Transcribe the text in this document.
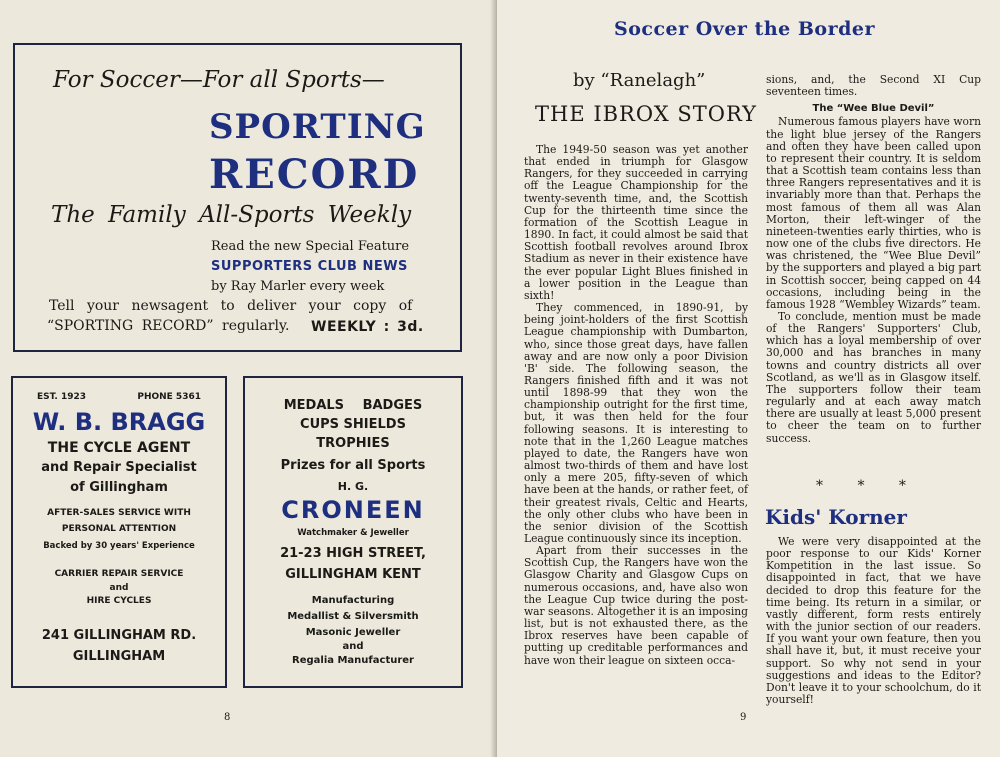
For Soccer—For all Sports—
SPORTING
RECORD
The Family All-Sports Weekly
Read the new Special Feature
SUPPORTERS CLUB NEWS
by Ray Marler every week
Tell your newsagent to deliver your copy of
“SPORTING RECORD” regularly. WEEKLY : 3d.
EST. 1923	PHONE 5361
W. B. BRAGG
THE CYCLE AGENT
and Repair Specialist
of Gillingham
AFTER-SALES SERVICE WITH
PERSONAL ATTENTION
Backed by 30 years' Experience
CARRIER REPAIR SERVICE
and
HIRE CYCLES
241 GILLINGHAM RD.
GILLINGHAM
MEDALS BADGES
CUPS SHIELDS
TROPHIES
Prizes for all Sports
H. G.
CRONEEN
Watchmaker & Jeweller
21-23 HIGH STREET,
GILLINGHAM KENT
Manufacturing
Medallist & Silversmith
Masonic Jeweller
and
Regalia Manufacturer
8
Soccer Over the Border
by “Ranelagh”
THE IBROX STORY

The 1949-50 season was yet another that ended in triumph for Glasgow Rangers, for they succeeded in carrying off the League Championship for the twenty-seventh time, and, the Scottish Cup for the thirteenth time since the formation of the Scottish League in 1890. In fact, it could almost be said that Scottish football revolves around Ibrox Stadium as never in their existence have the ever popular Light Blues finished in a lower position in the League than sixth!

They commenced, in 1890-91, by being joint-holders of the first Scottish League championship with Dumbarton, who, since those great days, have fallen away and are now only a poor Division 'B' side. The following season, the Rangers finished fifth and it was not until 1898-99 that they won the championship outright for the first time, but, it was then held for the four following seasons. It is interesting to note that in the 1,260 League matches played to date, the Rangers have won almost two-thirds of them and have lost only a mere 205, fifty-seven of which have been at the hands, or rather feet, of their greatest rivals, Celtic and Hearts, the only other clubs who have been in the senior division of the Scottish League continuously since its inception.

Apart from their successes in the Scottish Cup, the Rangers have won the Glasgow Charity and Glasgow Cups on numerous occasions, and, have also won the League Cup twice during the post-war seasons. Altogether it is an imposing list, but is not exhausted there, as the Ibrox reserves have been capable of putting up creditable performances and have won their league on sixteen occa-

sions, and, the Second XI Cup seventeen times.

The “Wee Blue Devil”

Numerous famous players have worn the light blue jersey of the Rangers and often they have been called upon to represent their country. It is seldom that a Scottish team contains less than three Rangers representatives and it is invariably more than that. Perhaps the most famous of them all was Alan Morton, their left-winger of the nineteen-twenties early thirties, who is now one of the clubs five directors. He was christened, the “Wee Blue Devil” by the supporters and played a big part in Scottish soccer, being capped on 44 occasions, including being in the famous 1928 “Wembley Wizards” team.

To conclude, mention must be made of the Rangers' Supporters' Club, which has a loyal membership of over 30,000 and has branches in many towns and country districts all over Scotland, as we'll as in Glasgow itself. The supporters follow their team regularly and at each away match there are usually at least 5,000 present to cheer the team on to further success.

* * *
Kids' Korner

We were very disappointed at the poor response to our Kids' Korner Kompetition in the last issue. So disappointed in fact, that we have decided to drop this feature for the time being. Its return in a similar, or vastly different, form rests entirely with the junior section of our readers. If you want your own feature, then you shall have it, but, it must receive your support. So why not send in your suggestions and ideas to the Editor? Don't leave it to your schoolchum, do it yourself!

9
